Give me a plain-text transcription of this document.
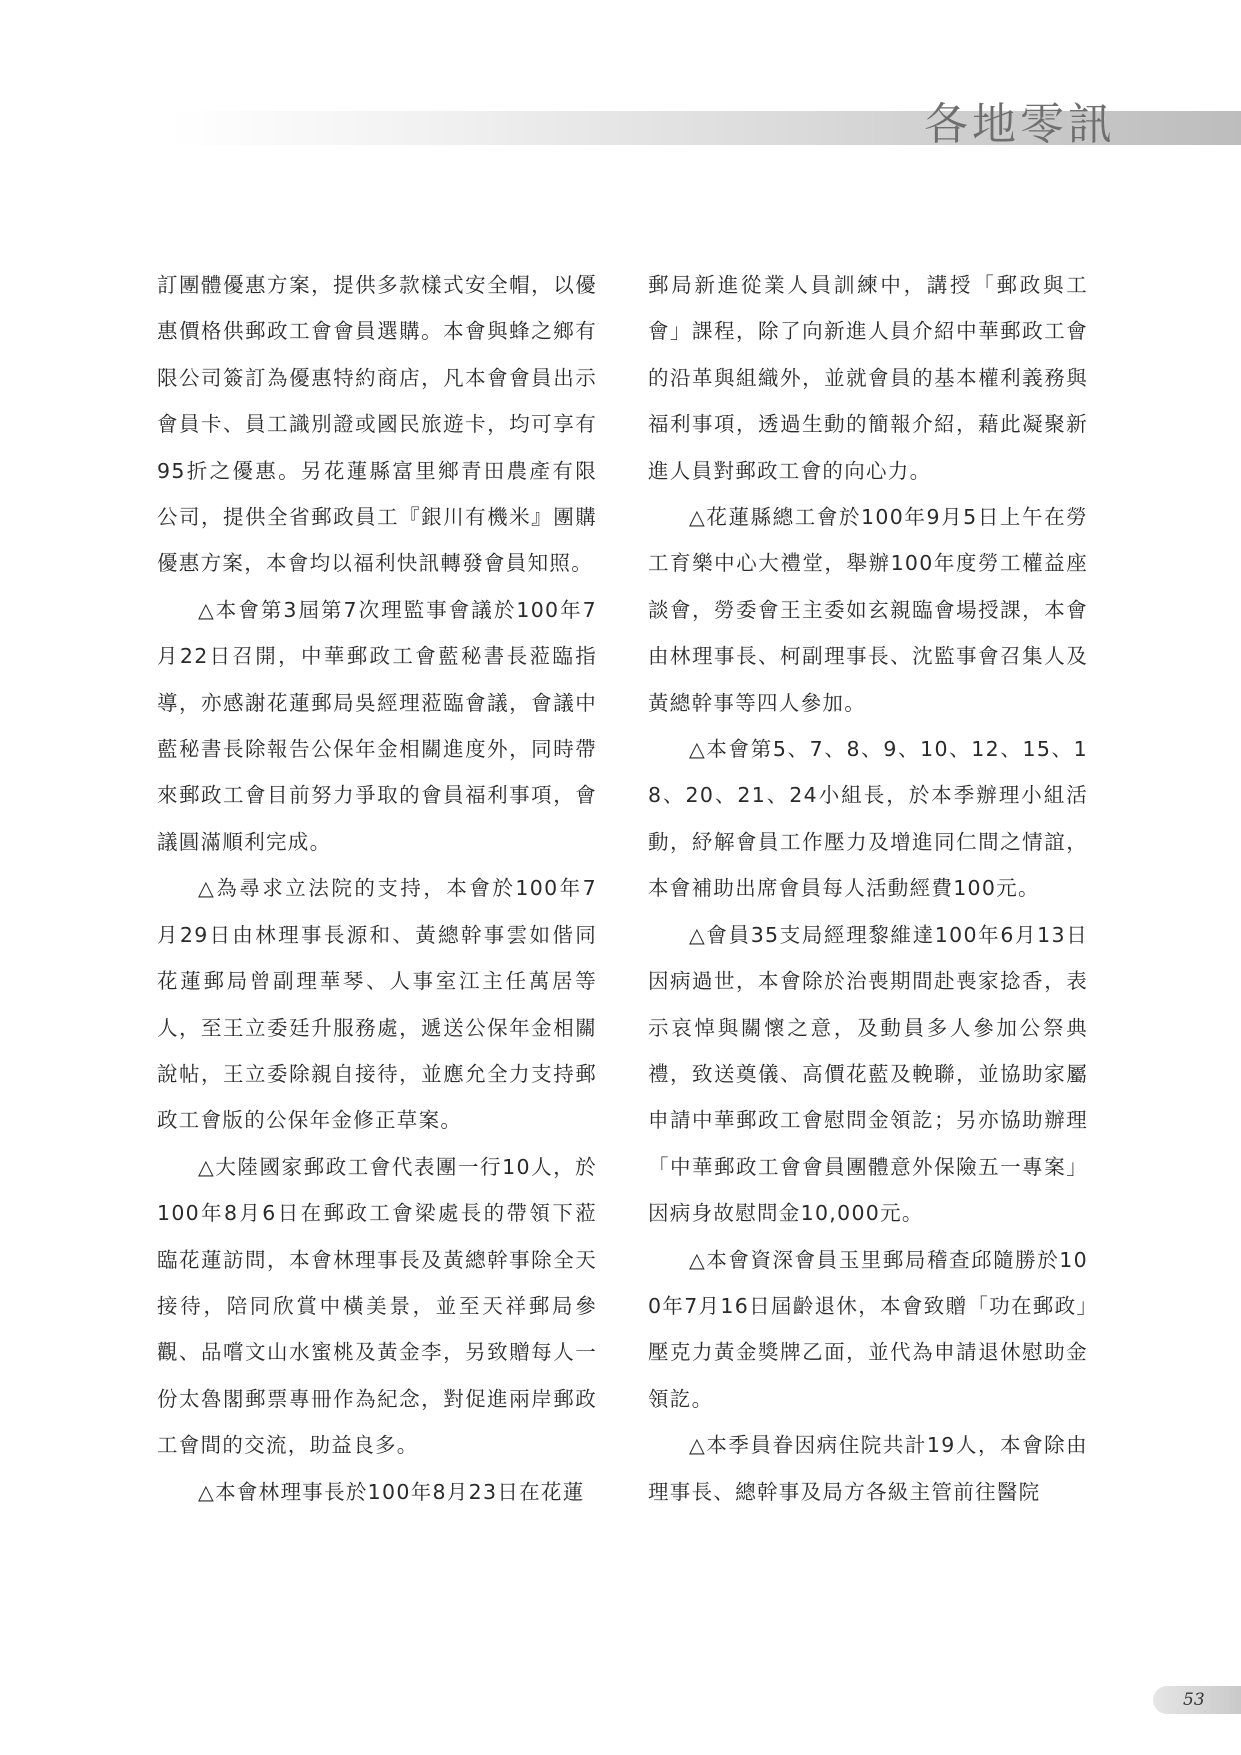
各地零訊

訂團體優惠方案，提供多款樣式安全帽，以優惠價格供郵政工會會員選購。本會與蜂之鄉有限公司簽訂為優惠特約商店，凡本會會員出示會員卡、員工識別證或國民旅遊卡，均可享有95折之優惠。另花蓮縣富里鄉青田農產有限公司，提供全省郵政員工『銀川有機米』團購優惠方案，本會均以福利快訊轉發會員知照。

△本會第3屆第7次理監事會議於100年7月22日召開，中華郵政工會藍秘書長蒞臨指導，亦感謝花蓮郵局吳經理蒞臨會議，會議中藍秘書長除報告公保年金相關進度外，同時帶來郵政工會目前努力爭取的會員福利事項，會議圓滿順利完成。

△為尋求立法院的支持，本會於100年7月29日由林理事長源和、黃總幹事雲如偕同花蓮郵局曾副理華琴、人事室江主任萬居等人，至王立委廷升服務處，遞送公保年金相關說帖，王立委除親自接待，並應允全力支持郵政工會版的公保年金修正草案。

△大陸國家郵政工會代表團一行10人，於100年8月6日在郵政工會梁處長的帶領下蒞臨花蓮訪問，本會林理事長及黃總幹事除全天接待，陪同欣賞中橫美景，並至天祥郵局參觀、品嚐文山水蜜桃及黃金李，另致贈每人一份太魯閣郵票專冊作為紀念，對促進兩岸郵政工會間的交流，助益良多。

△本會林理事長於100年8月23日在花蓮

郵局新進從業人員訓練中，講授「郵政與工會」課程，除了向新進人員介紹中華郵政工會的沿革與組織外，並就會員的基本權利義務與福利事項，透過生動的簡報介紹，藉此凝聚新進人員對郵政工會的向心力。

△花蓮縣總工會於100年9月5日上午在勞工育樂中心大禮堂，舉辦100年度勞工權益座談會，勞委會王主委如玄親臨會場授課，本會由林理事長、柯副理事長、沈監事會召集人及黃總幹事等四人參加。

△本會第5、7、8、9、10、12、15、18、20、21、24小組長，於本季辦理小組活動，紓解會員工作壓力及增進同仁間之情誼，本會補助出席會員每人活動經費100元。

△會員35支局經理黎維達100年6月13日因病過世，本會除於治喪期間赴喪家捻香，表示哀悼與關懷之意，及動員多人參加公祭典禮，致送奠儀、高價花藍及輓聯，並協助家屬申請中華郵政工會慰問金領訖；另亦協助辦理「中華郵政工會會員團體意外保險五一專案」因病身故慰問金10,000元。

△本會資深會員玉里郵局稽查邱隨勝於100年7月16日屆齡退休，本會致贈「功在郵政」壓克力黃金獎牌乙面，並代為申請退休慰助金領訖。

△本季員眷因病住院共計19人，本會除由理事長、總幹事及局方各級主管前往醫院

53
